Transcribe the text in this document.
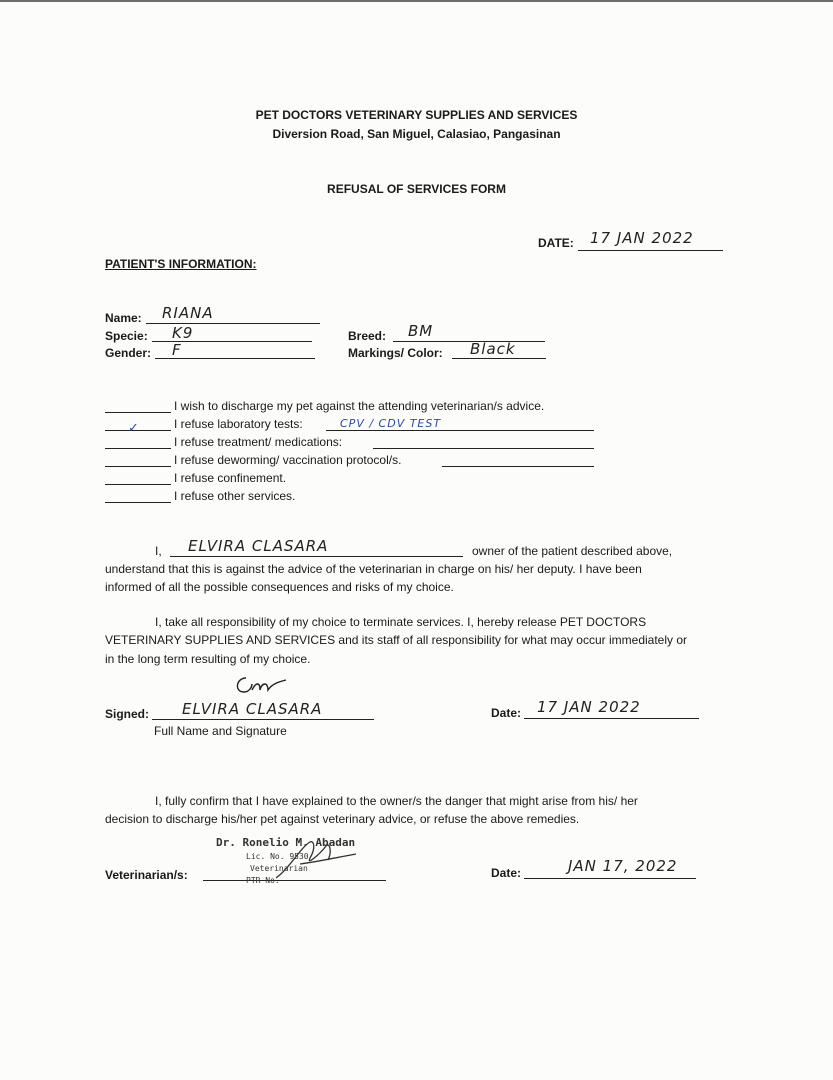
PET DOCTORS VETERINARY SUPPLIES AND SERVICES
Diversion Road, San Miguel, Calasiao, Pangasinan
REFUSAL OF SERVICES FORM
DATE: 17 JAN 2022
PATIENT'S INFORMATION:
Name: RIANA
Specie: K9
Gender: F
Breed: BM
Markings/ Color: Black
I wish to discharge my pet against the attending veterinarian/s advice.
✓	I refuse laboratory tests:	CPV / CDV TEST
I refuse treatment/ medications:
I refuse deworming/ vaccination protocol/s.
I refuse confinement.
I refuse other services.
I, ELVIRA CLASARA	owner of the patient described above,
understand that this is against the advice of the veterinarian in charge on his/ her deputy. I have been
informed of all the possible consequences and risks of my choice.
I, take all responsibility of my choice to terminate services. I, hereby release PET DOCTORS
VETERINARY SUPPLIES AND SERVICES and its staff of all responsibility for what may occur immediately or
in the long term resulting of my choice.
Signed: ELVIRA CLASARA
Full Name and Signature
Date: 17 JAN 2022
I, fully confirm that I have explained to the owner/s the danger that might arise from his/ her
decision to discharge his/her pet against veterinary advice, or refuse the above remedies.
Veterinarian/s:
Dr. Ronelio M. Abadan
Lic. No. 9530
Veterinarian
PTR No.
Date:	JAN 17, 2022
